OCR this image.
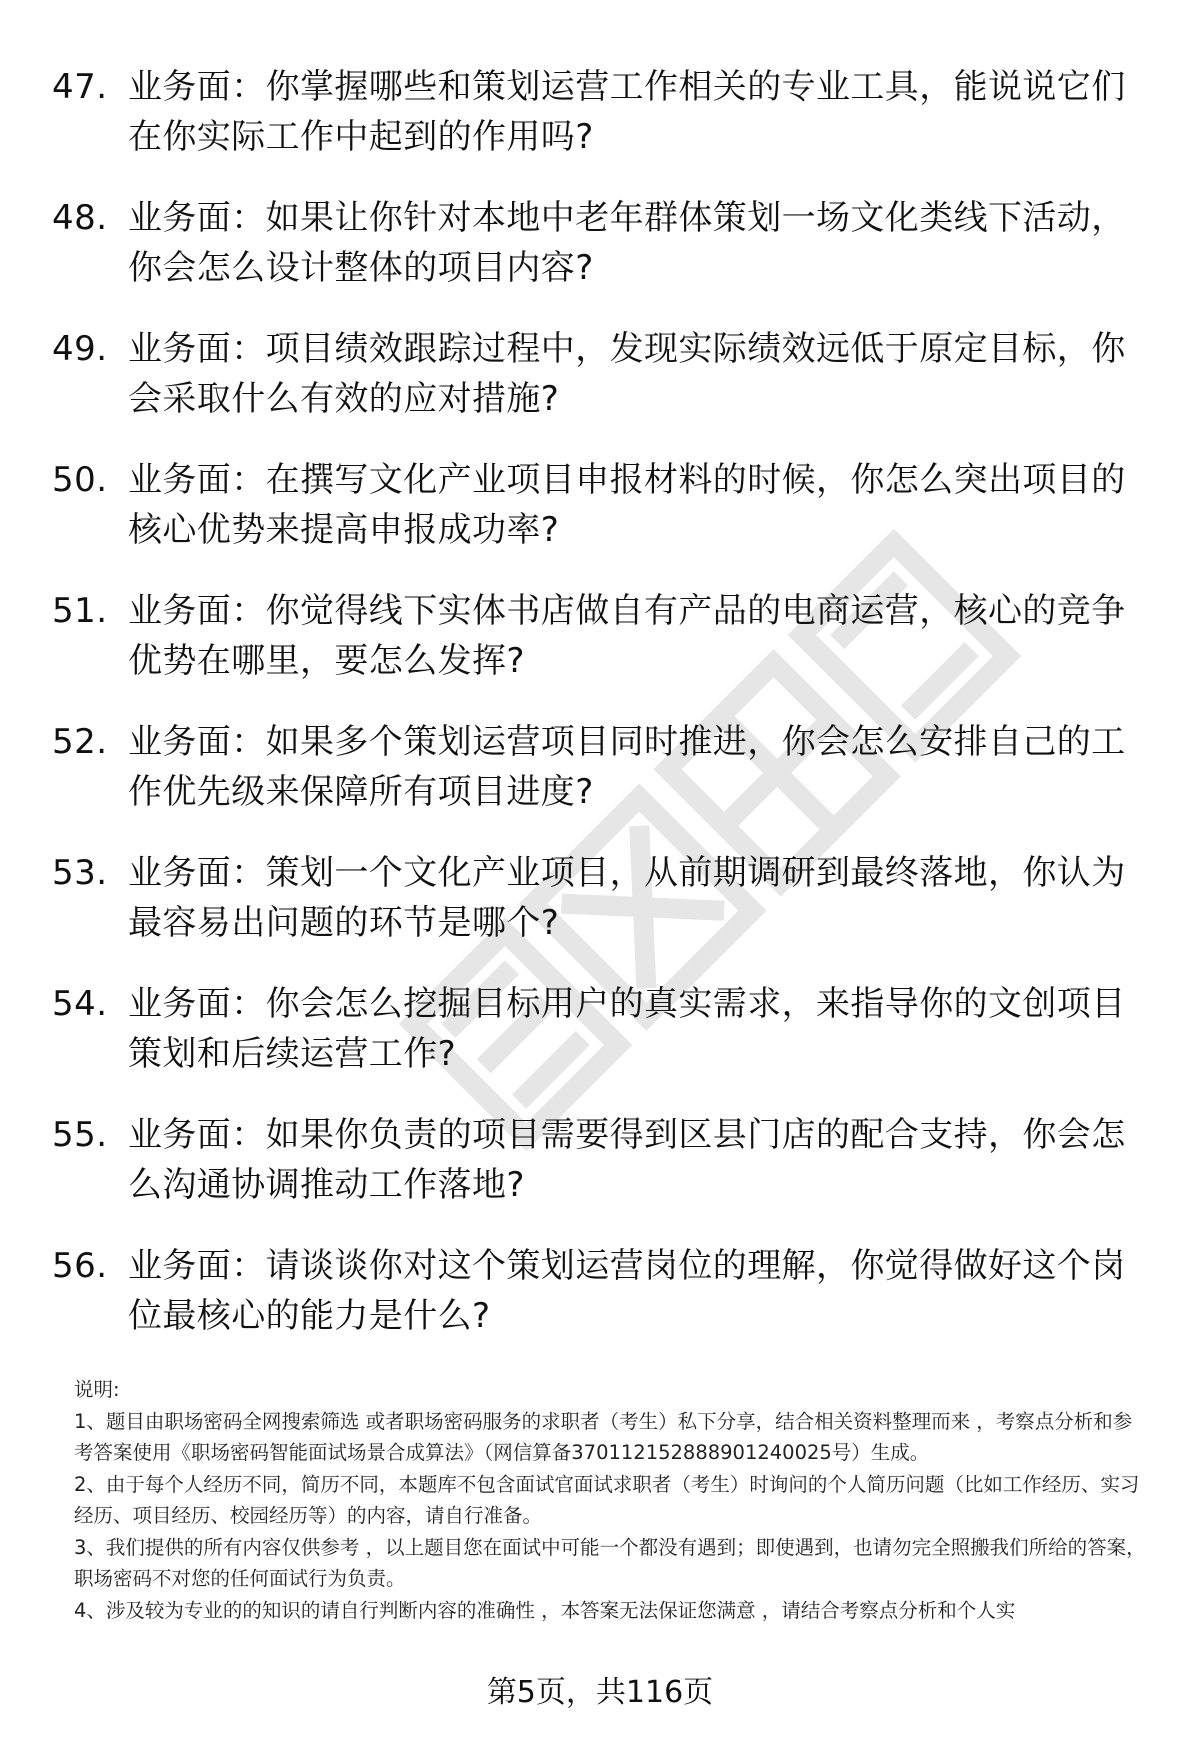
47. 业务面：你掌握哪些和策划运营工作相关的专业工具，能说说它们在你实际工作中起到的作用吗?
48. 业务面：如果让你针对本地中老年群体策划一场文化类线下活动，你会怎么设计整体的项目内容?
49. 业务面：项目绩效跟踪过程中，发现实际绩效远低于原定目标，你会采取什么有效的应对措施?
50. 业务面：在撰写文化产业项目申报材料的时候，你怎么突出项目的核心优势来提高申报成功率?
51. 业务面：你觉得线下实体书店做自有产品的电商运营，核心的竞争优势在哪里，要怎么发挥?
52. 业务面：如果多个策划运营项目同时推进，你会怎么安排自己的工作优先级来保障所有项目进度?
53. 业务面：策划一个文化产业项目，从前期调研到最终落地，你认为最容易出问题的环节是哪个?
54. 业务面：你会怎么挖掘目标用户的真实需求，来指导你的文创项目策划和后续运营工作?
55. 业务面：如果你负责的项目需要得到区县门店的配合支持，你会怎么沟通协调推动工作落地?
56. 业务面：请谈谈你对这个策划运营岗位的理解，你觉得做好这个岗位最核心的能力是什么?

说明:

1、题目由职场密码全网搜索筛选 或者职场密码服务的求职者（考生）私下分享，结合相关资料整理而来 ，考察点分析和参考答案使用《职场密码智能面试场景合成算法》（网信算备370112152888901240025号）生成。

2、由于每个人经历不同，简历不同，本题库不包含面试官面试求职者（考生）时询问的个人简历问题（比如工作经历、实习经历、项目经历、校园经历等）的内容，请自行准备。

3、我们提供的所有内容仅供参考 ，以上题目您在面试中可能一个都没有遇到；即使遇到，也请勿完全照搬我们所给的答案，职场密码不对您的任何面试行为负责。

4、涉及较为专业的的知识的请自行判断内容的准确性 ，本答案无法保证您满意 ，请结合考察点分析和个人实

第5页，共116页
